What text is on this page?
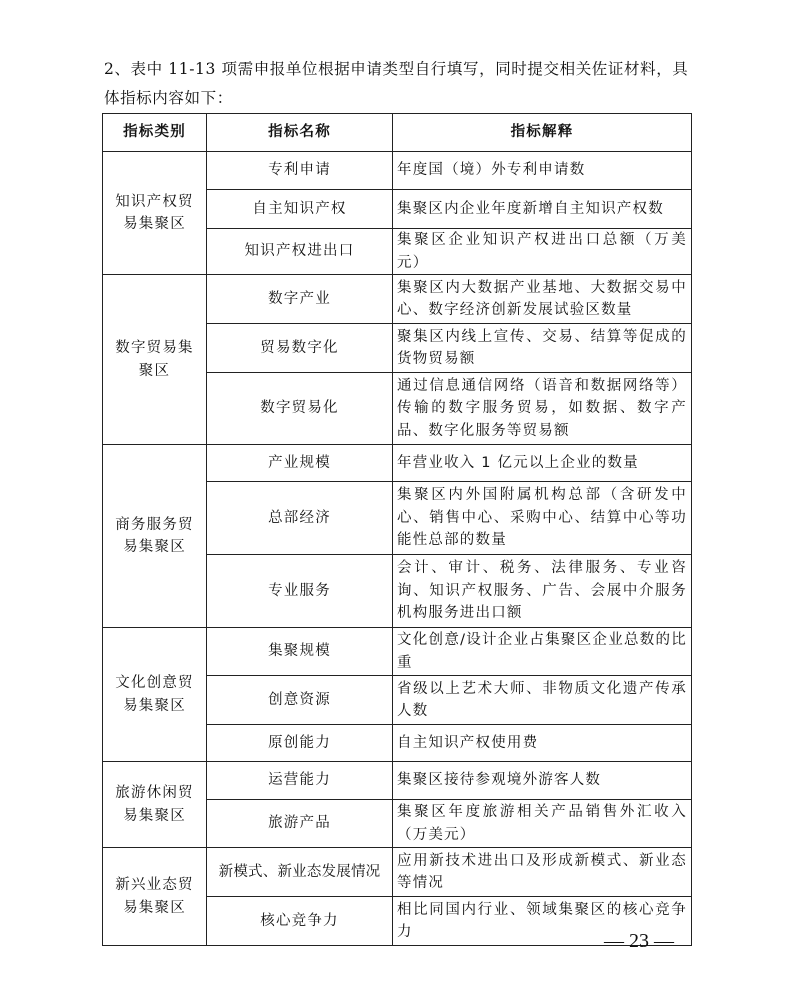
2、表中 11-13 项需申报单位根据申请类型自行填写，同时提交相关佐证材料，具体指标内容如下：
指标类别	指标名称	指标解释
知识产权贸易集聚区	专利申请	年度国（境）外专利申请数
	自主知识产权	集聚区内企业年度新增自主知识产权数
	知识产权进出口	集聚区企业知识产权进出口总额（万美元）
数字贸易集聚区	数字产业	集聚区内大数据产业基地、大数据交易中心、数字经济创新发展试验区数量
	贸易数字化	聚集区内线上宣传、交易、结算等促成的货物贸易额
	数字贸易化	通过信息通信网络（语音和数据网络等）传输的数字服务贸易，如数据、数字产品、数字化服务等贸易额
商务服务贸易集聚区	产业规模	年营业收入 1 亿元以上企业的数量
	总部经济	集聚区内外国附属机构总部（含研发中心、销售中心、采购中心、结算中心等功能性总部的数量
	专业服务	会计、审计、税务、法律服务、专业咨询、知识产权服务、广告、会展中介服务机构服务进出口额
文化创意贸易集聚区	集聚规模	文化创意/设计企业占集聚区企业总数的比重
	创意资源	省级以上艺术大师、非物质文化遗产传承人数
	原创能力	自主知识产权使用费
旅游休闲贸易集聚区	运营能力	集聚区接待参观境外游客人数
	旅游产品	集聚区年度旅游相关产品销售外汇收入（万美元）
新兴业态贸易集聚区	新模式、新业态发展情况	应用新技术进出口及形成新模式、新业态等情况
	核心竞争力	相比同国内行业、领域集聚区的核心竞争力	— 23 —
